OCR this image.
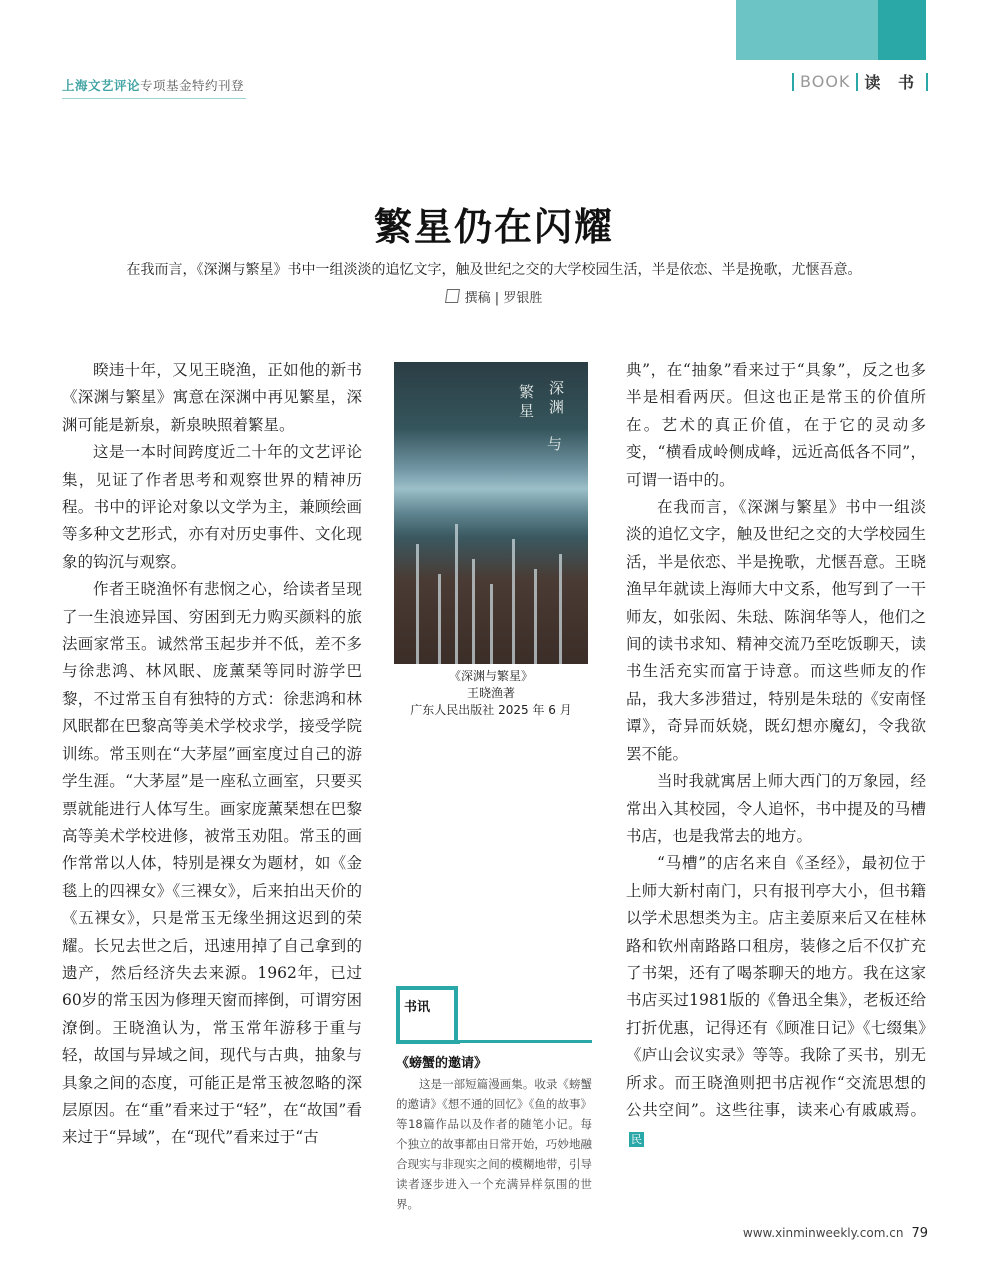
上海文艺评论专项基金特约刊登	BOOK 读 书
繁星仍在闪耀
在我而言，《深渊与繁星》书中一组淡淡的追忆文字，触及世纪之交的大学校园生活，半是依恋、半是挽歌，尤惬吾意。
撰稿 | 罗银胜

睽违十年，又见王晓渔，正如他的新书《深渊与繁星》寓意在深渊中再见繁星，深渊可能是新泉，新泉映照着繁星。

这是一本时间跨度近二十年的文艺评论集，见证了作者思考和观察世界的精神历程。书中的评论对象以文学为主，兼顾绘画等多种文艺形式，亦有对历史事件、文化现象的钩沉与观察。

作者王晓渔怀有悲悯之心，给读者呈现了一生浪迹异国、穷困到无力购买颜料的旅法画家常玉。诚然常玉起步并不低，差不多与徐悲鸿、林风眠、庞薰琹等同时游学巴黎，不过常玉自有独特的方式：徐悲鸿和林风眠都在巴黎高等美术学校求学，接受学院训练。常玉则在“大茅屋”画室度过自己的游学生涯。“大茅屋”是一座私立画室，只要买票就能进行人体写生。画家庞薰琹想在巴黎高等美术学校进修，被常玉劝阻。常玉的画作常常以人体，特别是裸女为题材，如《金毯上的四裸女》《三裸女》，后来拍出天价的《五裸女》，只是常玉无缘坐拥这迟到的荣耀。长兄去世之后，迅速用掉了自己拿到的遗产，然后经济失去来源。1962年，已过60岁的常玉因为修理天窗而摔倒，可谓穷困潦倒。王晓渔认为，常玉常年游移于重与轻，故国与异域之间，现代与古典，抽象与具象之间的态度，可能正是常玉被忽略的深层原因。在“重”看来过于“轻”，在“故国”看来过于“异域”，在“现代”看来过于“古

深渊
与
繁星
《深渊与繁星》
王晓渔著
广东人民出版社 2025 年 6 月
书讯
《螃蟹的邀请》
这是一部短篇漫画集。收录《螃蟹的邀请》《想不通的回忆》《鱼的故事》等18篇作品以及作者的随笔小记。每个独立的故事都由日常开始，巧妙地融合现实与非现实之间的模糊地带，引导读者逐步进入一个充满异样氛围的世界。

典”，在“抽象”看来过于“具象”，反之也多半是相看两厌。但这也正是常玉的价值所在。艺术的真正价值，在于它的灵动多变，“横看成岭侧成峰，远近高低各不同”，可谓一语中的。

在我而言，《深渊与繁星》书中一组淡淡的追忆文字，触及世纪之交的大学校园生活，半是依恋、半是挽歌，尤惬吾意。王晓渔早年就读上海师大中文系，他写到了一干师友，如张闳、朱琺、陈润华等人，他们之间的读书求知、精神交流乃至吃饭聊天，读书生活充实而富于诗意。而这些师友的作品，我大多涉猎过，特别是朱琺的《安南怪谭》，奇异而妖娆，既幻想亦魔幻，令我欲罢不能。

当时我就寓居上师大西门的万象园，经常出入其校园，令人追怀，书中提及的马槽书店，也是我常去的地方。

“马槽”的店名来自《圣经》，最初位于上师大新村南门，只有报刊亭大小，但书籍以学术思想类为主。店主姜原来后又在桂林路和钦州南路路口租房，装修之后不仅扩充了书架，还有了喝茶聊天的地方。我在这家书店买过1981版的《鲁迅全集》，老板还给打折优惠，记得还有《顾准日记》《七缀集》《庐山会议实录》等等。我除了买书，别无所求。而王晓渔则把书店视作“交流思想的公共空间”。这些往事，读来心有戚戚焉。民

www.xinminweekly.com.cn 79
